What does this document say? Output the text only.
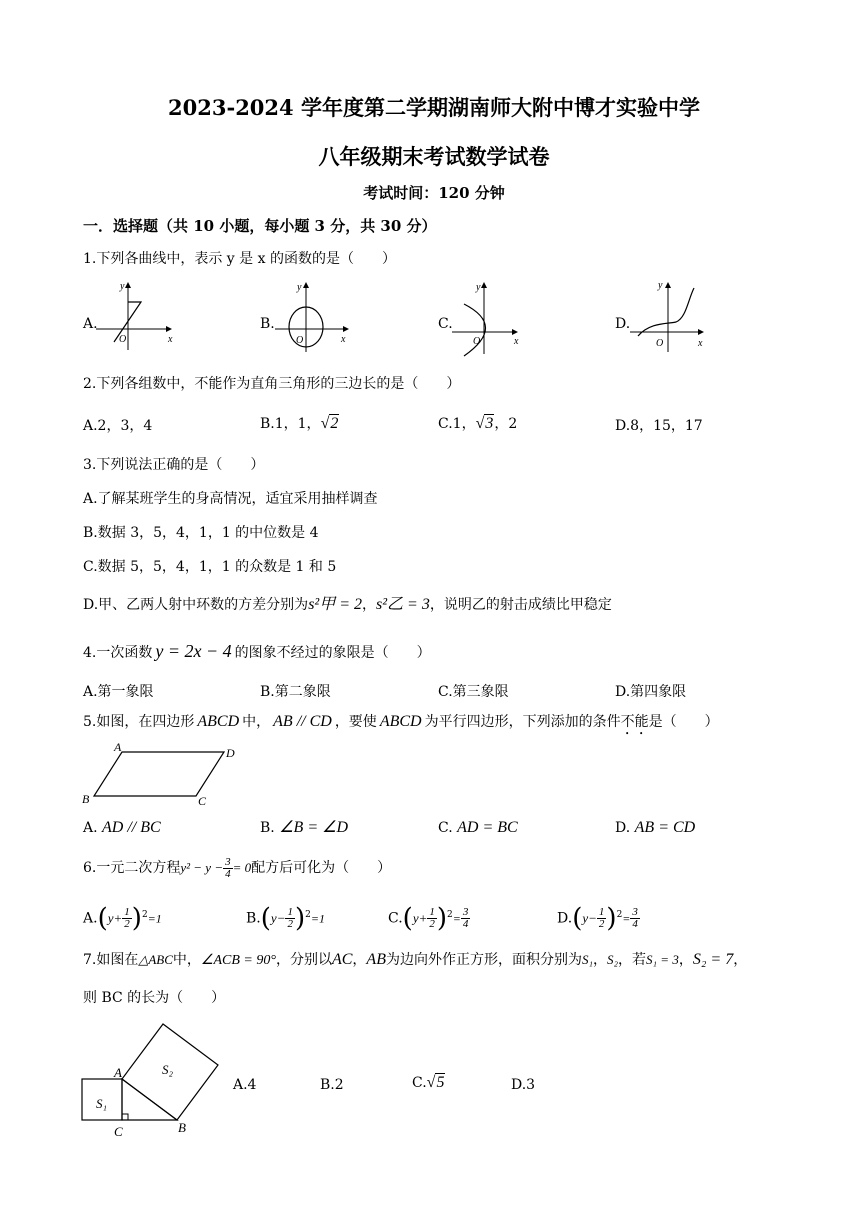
2023-2024 学年度第二学期湖南师大附中博才实验中学
八年级期末考试数学试卷
考试时间：120 分钟
一．选择题（共 10 小题，每小题 3 分，共 30 分）
1.下列各曲线中，表示 y 是 x 的函数的是（　　）
A.
y
x
O
B.
y
x
O
C.
y
x
O
D.
y
x
O
2.下列各组数中，不能作为直角三角形的三边长的是（　　）
A.2，3，4	B.1，1，√2	C.1，√3，2	D.8，15，17
3.下列说法正确的是（　　）
A.了解某班学生的身高情况，适宜采用抽样调查
B.数据 3，5，4，1，1 的中位数是 4
C.数据 5，5，4，1，1 的众数是 1 和 5
D.甲、乙两人射中环数的方差分别为s²甲 = 2，s²乙 = 3，说明乙的射击成绩比甲稳定
4.一次函数 y = 2x − 4 的图象不经过的象限是（　　）
A.第一象限	B.第二象限	C.第三象限	D.第四象限
5.如图，在四边形 ABCD 中， AB // CD ，要使 ABCD 为平行四边形，下列添加的条件不能是（　　）
A	D
B	C
A. AD // BC	B. ∠B = ∠D	C. AD = BC	D. AB = CD
6.一元二次方程$y^2 - y - \frac{3}{4} = 0$配方后可化为（　　）
$A.(y+ \frac{1}{2} )^2=1$	$B.(y- \frac{1}{2} )^2=1$	$C.(y+ \frac{1}{2} )^2= \frac{3}{4}$	$D.(y- \frac{1}{2} )^2= \frac{3}{4}$
7.如图在△ABC中，∠ACB = 90°，分别以AC，AB为边向外作正方形，面积分别为S₁，S₂，若S₁ = 3，S₂ = 7，
则 BC 的长为（　　）
A	S₂
S₁
C	B
A.4	B.2	C.√5	D.3
